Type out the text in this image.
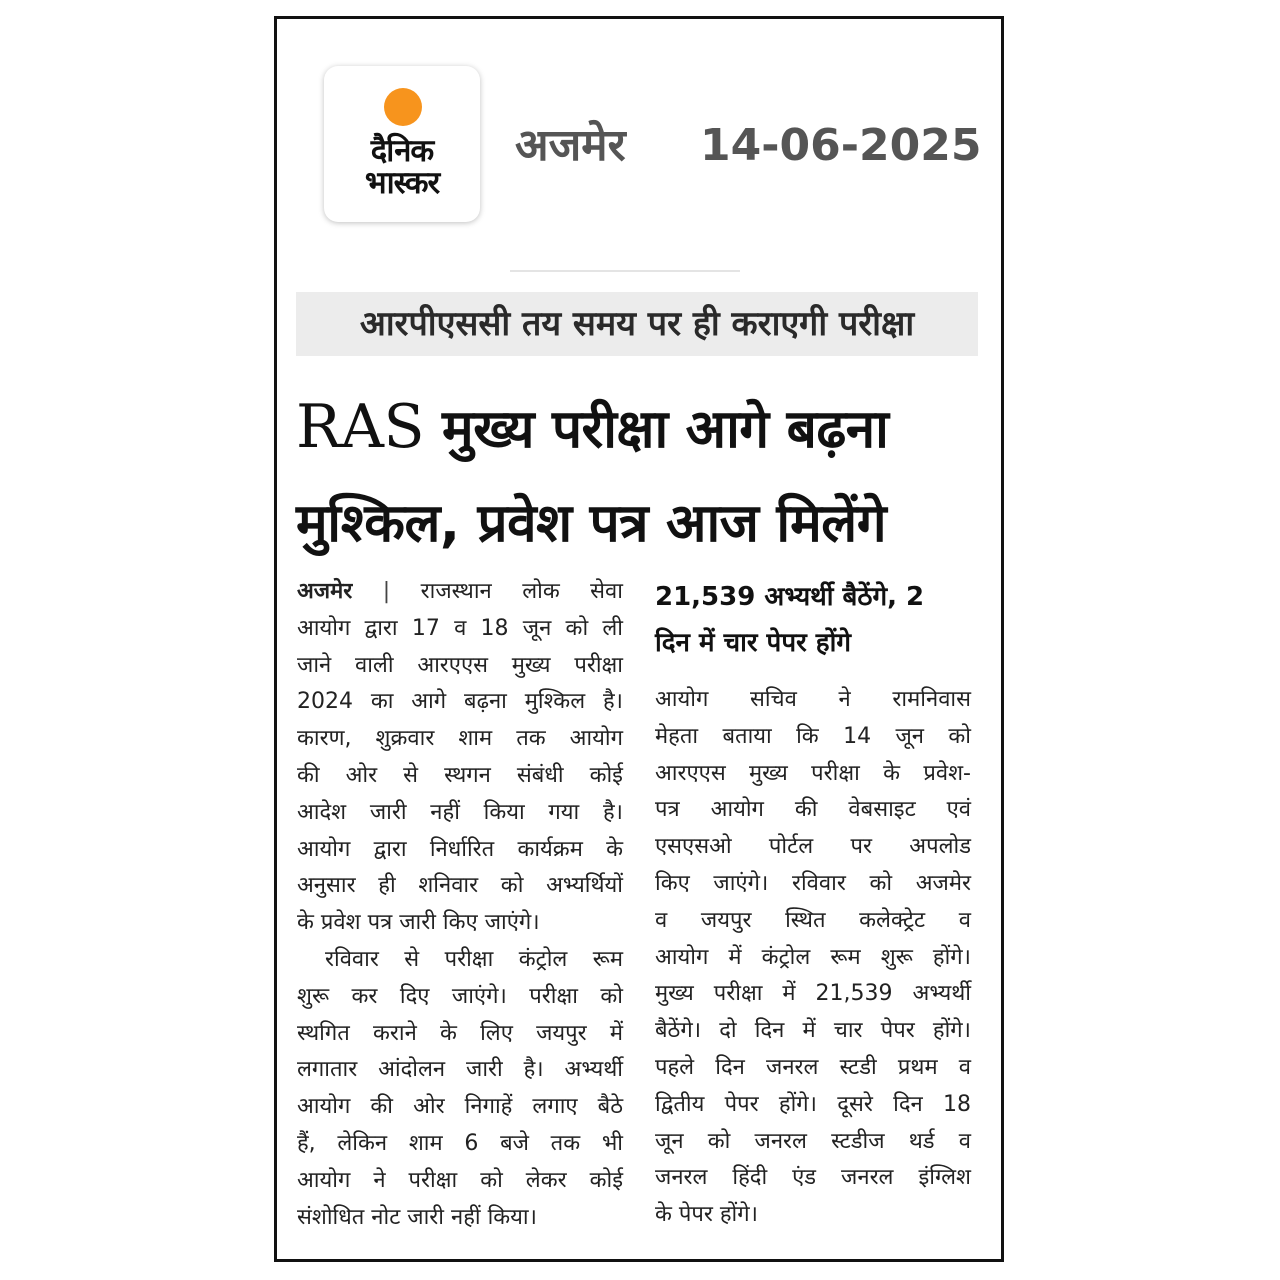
दैनिक
भास्कर
अजमेर 14-06-2025
आरपीएससी तय समय पर ही कराएगी परीक्षा
RAS मुख्य परीक्षा आगे बढ़ना
मुश्किल, प्रवेश पत्र आज मिलेंगे
अजमेर | राजस्थान लोक सेवा
आयोग द्वारा 17 व 18 जून को ली
जाने वाली आरएएस मुख्य परीक्षा
2024 का आगे बढ़ना मुश्किल है।
कारण, शुक्रवार शाम तक आयोग
की ओर से स्थगन संबंधी कोई
आदेश जारी नहीं किया गया है।
आयोग द्वारा निर्धारित कार्यक्रम के
अनुसार ही शनिवार को अभ्यर्थियों
के प्रवेश पत्र जारी किए जाएंगे।
रविवार से परीक्षा कंट्रोल रूम
शुरू कर दिए जाएंगे। परीक्षा को
स्थगित कराने के लिए जयपुर में
लगातार आंदोलन जारी है। अभ्यर्थी
आयोग की ओर निगाहें लगाए बैठे
हैं, लेकिन शाम 6 बजे तक भी
आयोग ने परीक्षा को लेकर कोई
संशोधित नोट जारी नहीं किया।
21,539 अभ्यर्थी बैठेंगे, 2
दिन में चार पेपर होंगे
आयोग सचिव ने रामनिवास
मेहता बताया कि 14 जून को
आरएएस मुख्य परीक्षा के प्रवेश-
पत्र आयोग की वेबसाइट एवं
एसएसओ पोर्टल पर अपलोड
किए जाएंगे। रविवार को अजमेर
व जयपुर स्थित कलेक्ट्रेट व
आयोग में कंट्रोल रूम शुरू होंगे।
मुख्य परीक्षा में 21,539 अभ्यर्थी
बैठेंगे। दो दिन में चार पेपर होंगे।
पहले दिन जनरल स्टडी प्रथम व
द्वितीय पेपर होंगे। दूसरे दिन 18
जून को जनरल स्टडीज थर्ड व
जनरल हिंदी एंड जनरल इंग्लिश
के पेपर होंगे।
